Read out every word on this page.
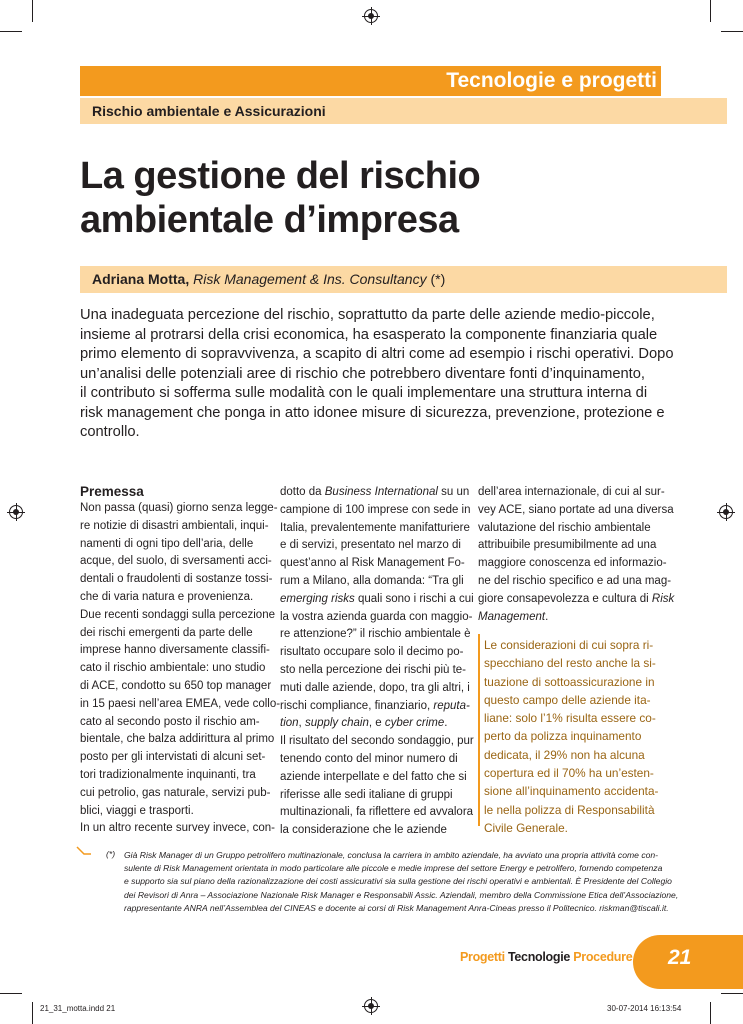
Tecnologie e progetti
Rischio ambientale e Assicurazioni
La gestione del rischio
ambientale d’impresa
Adriana Motta, Risk Management & Ins. Consultancy (*)
Una inadeguata percezione del rischio, soprattutto da parte delle aziende medio-piccole,
insieme al protrarsi della crisi economica, ha esasperato la componente finanziaria quale
primo elemento di sopravvivenza, a scapito di altri come ad esempio i rischi operativi. Dopo
un’analisi delle potenziali aree di rischio che potrebbero diventare fonti d’inquinamento,
il contributo si sofferma sulle modalità con le quali implementare una struttura interna di
risk management che ponga in atto idonee misure di sicurezza, prevenzione, protezione e
controllo.
Premessa
Non passa (quasi) giorno senza legge-
re notizie di disastri ambientali, inqui-
namenti di ogni tipo dell’aria, delle
acque, del suolo, di sversamenti acci-
dentali o fraudolenti di sostanze tossi-
che di varia natura e provenienza.
Due recenti sondaggi sulla percezione
dei rischi emergenti da parte delle
imprese hanno diversamente classifi-
cato il rischio ambientale: uno studio
di ACE, condotto su 650 top manager
in 15 paesi nell’area EMEA, vede collo-
cato al secondo posto il rischio am-
bientale, che balza addirittura al primo
posto per gli intervistati di alcuni set-
tori tradizionalmente inquinanti, tra
cui petrolio, gas naturale, servizi pub-
blici, viaggi e trasporti.
In un altro recente survey invece, con-
dotto da Business International su un
campione di 100 imprese con sede in
Italia, prevalentemente manifatturiere
e di servizi, presentato nel marzo di
quest’anno al Risk Management Fo-
rum a Milano, alla domanda: “Tra gli
emerging risks quali sono i rischi a cui
la vostra azienda guarda con maggio-
re attenzione?” il rischio ambientale è
risultato occupare solo il decimo po-
sto nella percezione dei rischi più te-
muti dalle aziende, dopo, tra gli altri, i
rischi compliance, finanziario, reputa-
tion, supply chain, e cyber crime.
Il risultato del secondo sondaggio, pur
tenendo conto del minor numero di
aziende interpellate e del fatto che si
riferisse alle sedi italiane di gruppi
multinazionali, fa riflettere ed avvalora
la considerazione che le aziende
dell’area internazionale, di cui al sur-
vey ACE, siano portate ad una diversa
valutazione del rischio ambientale
attribuibile presumibilmente ad una
maggiore conoscenza ed informazio-
ne del rischio specifico e ad una mag-
giore consapevolezza e cultura di Risk
Management.
Le considerazioni di cui sopra ri-
specchiano del resto anche la si-
tuazione di sottoassicurazione in
questo campo delle aziende ita-
liane: solo l’1% risulta essere co-
perto da polizza inquinamento
dedicata, il 29% non ha alcuna
copertura ed il 70% ha un’esten-
sione all’inquinamento accidenta-
le nella polizza di Responsabilità
Civile Generale.
(*) Già Risk Manager di un Gruppo petrolifero multinazionale, conclusa la carriera in ambito aziendale, ha avviato una propria attività come con-
sulente di Risk Management orientata in modo particolare alle piccole e medie imprese del settore Energy e petrolifero, fornendo competenza
e supporto sia sul piano della razionalizzazione dei costi assicurativi sia sulla gestione dei rischi operativi e ambientali. È Presidente del Collegio
dei Revisori di Anra – Associazione Nazionale Risk Manager e Responsabili Assic. Aziendali, membro della Commissione Etica dell’Associazione,
rappresentante ANRA nell’Assemblea del CINEAS e docente ai corsi di Risk Management Anra-Cineas presso il Politecnico. riskman@tiscali.it.
Progetti Tecnologie Procedure 21
21_31_motta.indd 21	30-07-2014 16:13:54
